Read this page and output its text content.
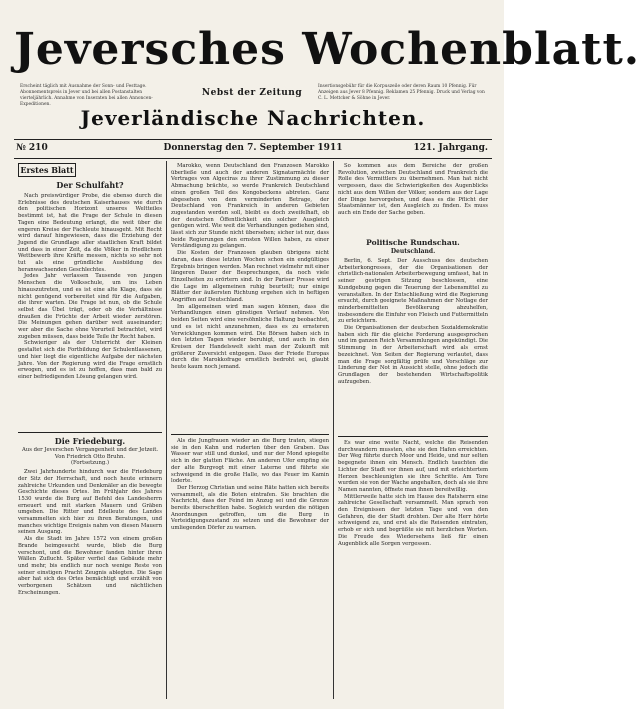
Jeversches Wochenblatt.
Erscheint täglich mit Ausnahme der Sonn- und Festtage. Abonnementspreis in Jever und bei allen Postanstalten vierteljährlich. Annahme von Inseraten bei allen Annoncen-Expeditionen.
Nebst der Zeitung
Insertionsgebühr für die Korpuszeile oder deren Raum 10 Pfennig. Für Anzeigen aus Jever 8 Pfennig. Reklamen 25 Pfennig. Druck und Verlag von C. L. Mettcker & Söhne in Jever.
Jeverländische Nachrichten.
Donnerstag den 7. September 1911
№ 210	121. Jahrgang.
Erstes Blatt
Der Schulfaht?

Nach preiswürdiger Probe, die ebenso durch die Erlebnisse des deutschen Kaiserhauses wie durch den politischen Horizont unseres Weltteiles bestimmt ist, hat die Frage der Schule in diesen Tagen eine Bedeutung erlangt, die weit über die engeren Kreise der Fachleute hinausgeht. Mit Recht wird darauf hingewiesen, dass die Erziehung der Jugend die Grundlage aller staatlichen Kraft bildet und dass in einer Zeit, da die Völker in friedlichem Wettbewerb ihre Kräfte messen, nichts so sehr not tut als eine gründliche Ausbildung des heranwachsenden Geschlechtes.

Jedes Jahr verlassen Tausende von jungen Menschen die Volksschule, um ins Leben hinauszutreten, und es ist eine alte Klage, dass sie nicht genügend vorbereitet sind für die Aufgaben, die ihrer warten. Die Frage ist nun, ob die Schule selbst das Übel trägt, oder ob die Verhältnisse draußen die Früchte der Arbeit wieder zerstören. Die Meinungen gehen darüber weit auseinander; wer aber die Sache ohne Vorurteil betrachtet, wird zugeben müssen, dass beide Teile ihr Recht haben.

Schwieriger als der Unterricht der Kleinen gestaltet sich die Fortbildung der Schulentlassenen, und hier liegt die eigentliche Aufgabe der nächsten Jahre. Von der Regierung wird die Frage ernstlich erwogen, und es ist zu hoffen, dass man bald zu einer befriedigenden Lösung gelangen wird.

Die Friedeburg.
Aus der Jeverschen Vergangenheit und der Jetzeit. Von Friedrich Otto Bruhn.
(Fortsetzung.)

Zwei Jahrhunderte hindurch war die Friedeburg der Sitz der Herrschaft, und noch heute erinnern zahlreiche Urkunden und Denkmäler an die bewegte Geschichte dieses Ortes. Im Frühjahr des Jahres 1530 wurde die Burg auf Befehl des Landesherrn erneuert und mit starken Mauern und Gräben umgeben. Die Ritter und Edelleute des Landes versammelten sich hier zu ihren Beratungen, und manches wichtige Ereignis nahm von diesen Mauern seinen Ausgang.

Als die Stadt im Jahre 1572 von einem großen Brande heimgesucht wurde, blieb die Burg verschont, und die Bewohner fanden hinter ihren Wällen Zuflucht. Später verfiel das Gebäude mehr und mehr, bis endlich nur noch wenige Reste von seiner einstigen Pracht Zeugnis ablegten. Die Sage aber hat sich des Ortes bemächtigt und erzählt von verborgenen Schätzen und nächtlichen Erscheinungen.

Marokko, wenn Deutschland den Franzosen Marokko überließe und auch der anderen Signatarmächte der Vertrages von Algeciras zu ihrer Zustimmung zu dieser Abmachung brächte, so werde Frankreich Deutschland einen großen Teil des Kongobeckens abtreten. Ganz abgesehen von dem verminderten Betrage, der Deutschland von Frankreich in anderen Gebieten zugestanden werden soll, bleibt es doch zweifelhaft, ob der deutschen Öffentlichkeit ein solcher Ausgleich genügen wird. Wie weit die Verhandlungen gediehen sind, lässt sich zur Stunde nicht übersehen; sicher ist nur, dass beide Regierungen den ernsten Willen haben, zu einer Verständigung zu gelangen.

Die Kosten der Franzosen glauben übrigens nicht daran, dass diese letzten Wochen schon ein endgültiges Ergebnis bringen werden. Man rechnet vielmehr mit einer längeren Dauer der Besprechungen, da noch viele Einzelheiten zu erörtern sind. In der Pariser Presse wird die Lage im allgemeinen ruhig beurteilt; nur einige Blätter der äußersten Richtung ergehen sich in heftigen Angriffen auf Deutschland.

Im allgemeinen wird man sagen können, dass die Verhandlungen einen günstigen Verlauf nehmen. Von beiden Seiten wird eine versöhnliche Haltung beobachtet, und es ist nicht anzunehmen, dass es zu ernsteren Verwicklungen kommen wird. Die Börsen haben sich in den letzten Tagen wieder beruhigt, und auch in den Kreisen der Handelswelt sieht man der Zukunft mit größerer Zuversicht entgegen. Dass der Friede Europas durch die Marokkofrage ernstlich bedroht sei, glaubt heute kaum noch jemand.

Als die Jungfrauen wieder an die Burg traten, stiegen sie in den Kahn und ruderten über den Graben. Das Wasser war still und dunkel, und nur der Mond spiegelte sich in der glatten Fläche. Am anderen Ufer empfing sie der alte Burgvogt mit einer Laterne und führte sie schweigend in die große Halle, wo das Feuer im Kamin loderte.

Der Herzog Christian und seine Räte hatten sich bereits versammelt, als die Boten eintrafen. Sie brachten die Nachricht, dass der Feind im Anzug sei und die Grenze bereits überschritten habe. Sogleich wurden die nötigen Anordnungen getroffen, um die Burg in Verteidigungszustand zu setzen und die Bewohner der umliegenden Dörfer zu warnen.

So kommen aus dem Bereiche der großen Revolution, zwischen Deutschland und Frankreich die Rolle des Vermittlers zu übernehmen. Man hat nicht vergessen, dass die Schwierigkeiten des Augenblicks nicht aus dem Willen der Völker, sondern aus der Lage der Dinge hervorgehen, und dass es die Pflicht der Staatsmänner ist, den Ausgleich zu finden. Es muss auch ein Ende der Sache geben.

Politische Rundschau.
Deutschland.

Berlin, 6. Sept. Der Ausschuss des deutschen Arbeiterkongresses, der die Organisationen der christlich-nationalen Arbeiterbewegung umfasst, hat in seiner gestrigen Sitzung beschlossen, eine Kundgebung gegen die Teuerung der Lebensmittel zu veranstalten. In der Entschließung wird die Regierung ersucht, durch geeignete Maßnahmen der Notlage der minderbemittelten Bevölkerung abzuhelfen, insbesondere die Einfuhr von Fleisch und Futtermitteln zu erleichtern.

Die Organisationen der deutschen Sozialdemokratie haben sich für die gleiche Forderung ausgesprochen und im ganzen Reich Versammlungen angekündigt. Die Stimmung in der Arbeiterschaft wird als ernst bezeichnet. Von Seiten der Regierung verlautet, dass man die Frage sorgfältig prüfe und Vorschläge zur Linderung der Not in Aussicht stelle, ohne jedoch die Grundlagen der bestehenden Wirtschaftspolitik aufzugeben.

Es war eine weite Nacht, welche die Reisenden durchwandern mussten, ehe sie den Hafen erreichten. Der Weg führte durch Moor und Heide, und nur selten begegnete ihnen ein Mensch. Endlich tauchten die Lichter der Stadt vor ihnen auf, und mit erleichtertem Herzen beschleunigten sie ihre Schritte. Am Tore wurden sie von der Wache angehalten, doch als sie ihre Namen nannten, öffnete man ihnen bereitwillig.

Mittlerweile hatte sich im Hause des Ratsherrn eine zahlreiche Gesellschaft versammelt. Man sprach von den Ereignissen der letzten Tage und von den Gefahren, die der Stadt drohten. Der alte Herr hörte schweigend zu, und erst als die Reisenden eintraten, erhob er sich und begrüßte sie mit herzlichen Worten. Die Freude des Wiedersehens ließ für einen Augenblick alle Sorgen vergessen.
